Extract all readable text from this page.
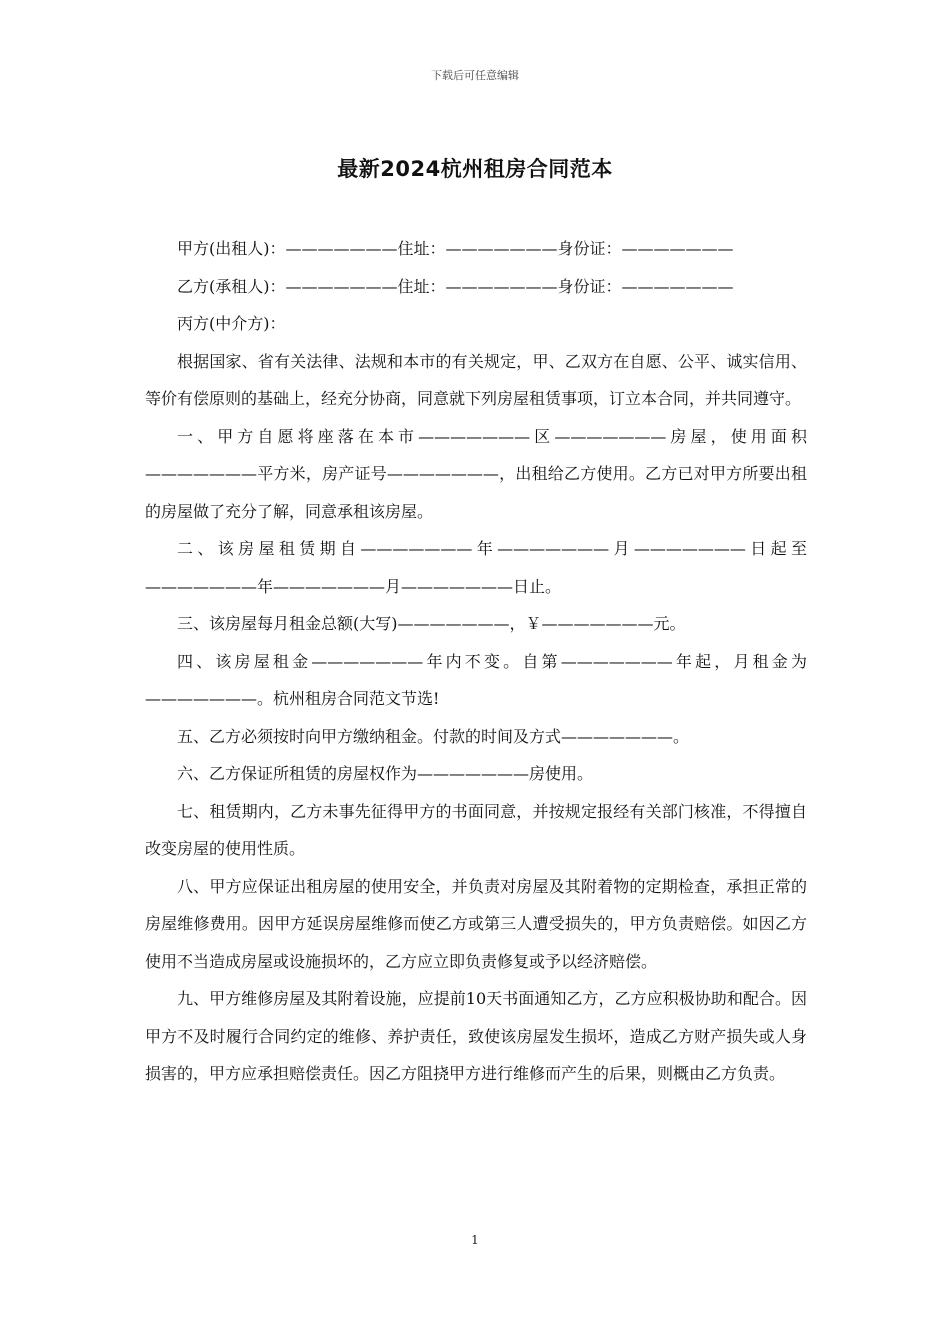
下载后可任意编辑
最新2024杭州租房合同范本

甲方(出租人)：———————住址：———————身份证：———————

乙方(承租人)：———————住址：———————身份证：———————

丙方(中介方)：

根据国家、省有关法律、法规和本市的有关规定，甲、乙双方在自愿、公平、诚实信用、等价有偿原则的基础上，经充分协商，同意就下列房屋租赁事项，订立本合同，并共同遵守。

一、甲方自愿将座落在本市———————区———————房屋，使用面积———————平方米，房产证号———————，出租给乙方使用。乙方已对甲方所要出租的房屋做了充分了解，同意承租该房屋。

二、该房屋租赁期自———————年———————月———————日起至———————年———————月———————日止。

三、该房屋每月租金总额(大写)———————，￥———————元。

四、该房屋租金———————年内不变。自第———————年起，月租金为———————。杭州租房合同范文节选!

五、乙方必须按时向甲方缴纳租金。付款的时间及方式———————。

六、乙方保证所租赁的房屋权作为———————房使用。

七、租赁期内，乙方未事先征得甲方的书面同意，并按规定报经有关部门核准，不得擅自改变房屋的使用性质。

八、甲方应保证出租房屋的使用安全，并负责对房屋及其附着物的定期检查，承担正常的房屋维修费用。因甲方延误房屋维修而使乙方或第三人遭受损失的，甲方负责赔偿。如因乙方使用不当造成房屋或设施损坏的，乙方应立即负责修复或予以经济赔偿。

九、甲方维修房屋及其附着设施，应提前10天书面通知乙方，乙方应积极协助和配合。因甲方不及时履行合同约定的维修、养护责任，致使该房屋发生损坏，造成乙方财产损失或人身损害的，甲方应承担赔偿责任。因乙方阻挠甲方进行维修而产生的后果，则概由乙方负责。

1
